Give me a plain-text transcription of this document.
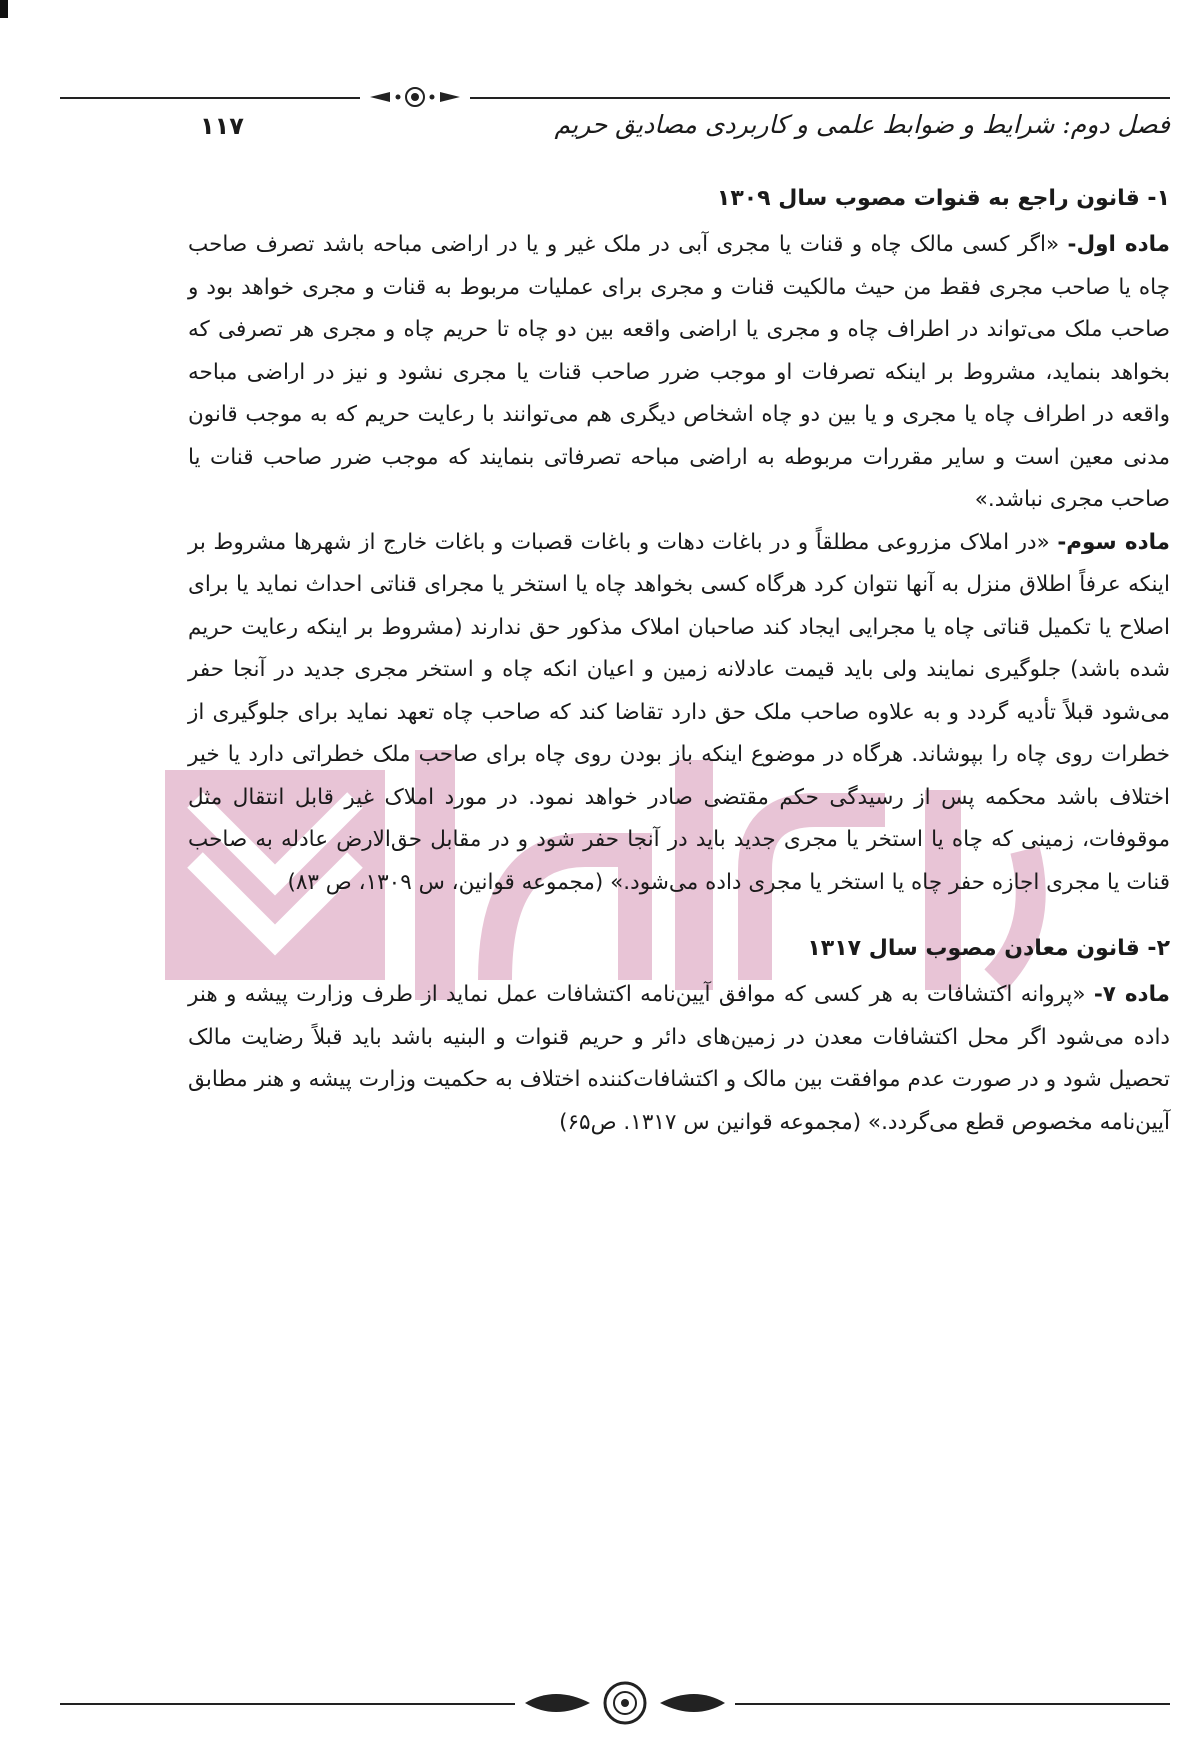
۱۱۷	فصل دوم: شرایط و ضوابط علمی و کاربردی مصادیق حریم
۱- قانون راجع به قنوات مصوب سال ۱۳۰۹

ماده اول- «اگر کسی مالک چاه و قنات یا مجری آبی در ملک غیر و یا در اراضی مباحه باشد تصرف صاحب چاه یا صاحب مجری فقط من حیث مالکیت قنات و مجری برای عملیات مربوط به قنات و مجری خواهد بود و صاحب ملک می‌تواند در اطراف چاه و مجری یا اراضی واقعه بین دو چاه تا حریم چاه و مجری هر تصرفی که بخواهد بنماید، مشروط بر اینکه تصرفات او موجب ضرر صاحب قنات یا مجری نشود و نیز در اراضی مباحه واقعه در اطراف چاه یا مجری و یا بین دو چاه اشخاص دیگری هم می‌توانند با رعایت حریم که به موجب قانون مدنی معین است و سایر مقررات مربوطه به اراضی مباحه تصرفاتی بنمایند که موجب ضرر صاحب قنات یا صاحب مجری نباشد.»

ماده سوم- «در املاک مزروعی مطلقاً و در باغات دهات و باغات قصبات و باغات خارج از شهرها مشروط بر اینکه عرفاً اطلاق منزل به آنها نتوان کرد هرگاه کسی بخواهد چاه یا استخر یا مجرای قناتی احداث نماید یا برای اصلاح یا تکمیل قناتی چاه یا مجرایی ایجاد کند صاحبان املاک مذکور حق ندارند (مشروط بر اینکه رعایت حریم شده باشد) جلوگیری نمایند ولی باید قیمت عادلانه زمین و اعیان انکه چاه و استخر مجری جدید در آنجا حفر می‌شود قبلاً تأدیه گردد و به علاوه صاحب ملک حق دارد تقاضا کند که صاحب چاه تعهد نماید برای جلوگیری از خطرات روی چاه را بپوشاند. هرگاه در موضوع اینکه باز بودن روی چاه برای صاحب ملک خطراتی دارد یا خیر اختلاف باشد محکمه پس از رسیدگی حکم مقتضی صادر خواهد نمود. در مورد املاک غیر قابل انتقال مثل موقوفات، زمینی که چاه یا استخر یا مجری جدید باید در آنجا حفر شود و در مقابل حق‌الارض عادله به صاحب قنات یا مجری اجازه حفر چاه یا استخر یا مجری داده می‌شود.» (مجموعه قوانین، س ۱۳۰۹، ص ۸۳)

۲- قانون معادن مصوب سال ۱۳۱۷

ماده ۷- «پروانه اکتشافات به هر کسی که موافق آیین‌نامه اکتشافات عمل نماید از طرف وزارت پیشه و هنر داده می‌شود اگر محل اکتشافات معدن در زمین‌های دائر و حریم قنوات و البنیه باشد باید قبلاً رضایت مالک تحصیل شود و در صورت عدم موافقت بین مالک و اکتشافات‌کننده اختلاف به حکمیت وزارت پیشه و هنر مطابق آیین‌نامه مخصوص قطع می‌گردد.» (مجموعه قوانین س ۱۳۱۷. ص۶۵)
